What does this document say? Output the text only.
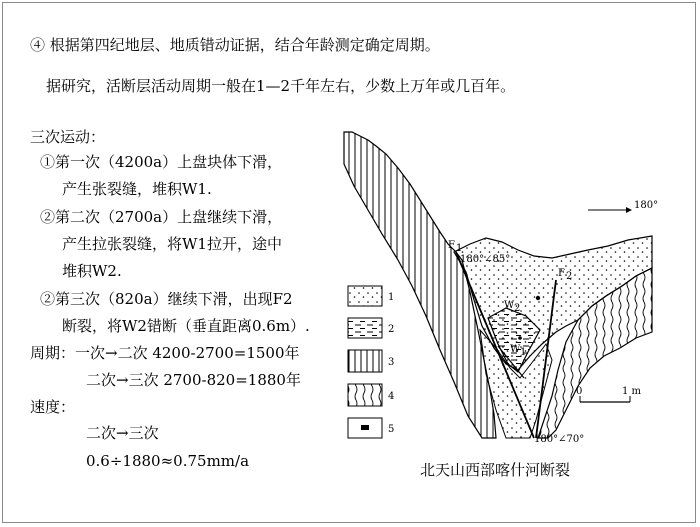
④ 根据第四纪地层、地质错动证据，结合年龄测定确定周期。
据研究，活断层活动周期一般在1—2千年左右，少数上万年或几百年。
三次运动：
①第一次（4200a）上盘块体下滑，
产生张裂缝，堆积W1.
②第二次（2700a）上盘继续下滑，
产生拉张裂缝，将W1拉开，途中
堆积W2.
②第三次（820a）继续下滑，出现F2
断裂，将W2错断（垂直距离0.6m）.
周期：一次→二次 4200-2700=1500年
二次→三次 2700-820=1880年
速度：
二次→三次
0.6÷1880≈0.75mm/a
180°
F 1
180°∠85°
F 2
W 2
W 1
180°∠70°
0	1 m
1
2
3
4
5
北天山西部喀什河断裂
